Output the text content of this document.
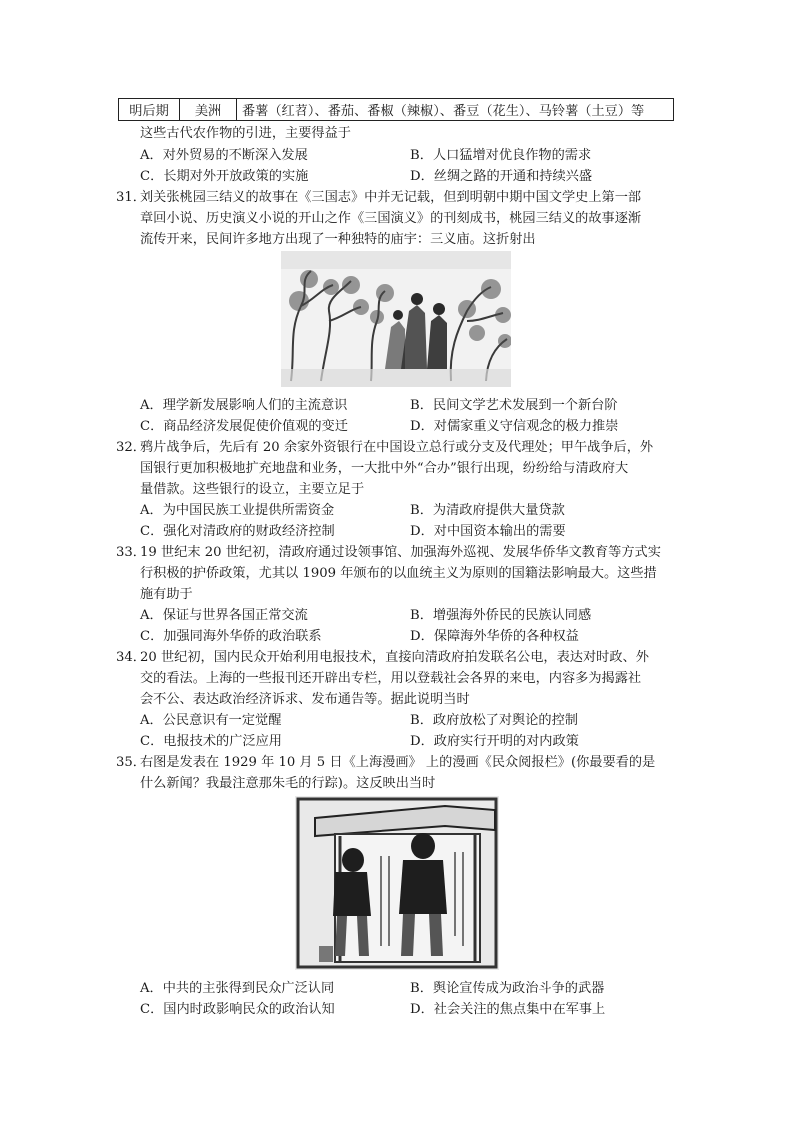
明后期	美洲	番薯（红苕）、番茄、番椒（辣椒）、番豆（花生）、马铃薯（土豆）等
这些古代农作物的引进，主要得益于
A．对外贸易的不断深入发展	B．人口猛增对优良作物的需求
C．长期对外开放政策的实施	D．丝绸之路的开通和持续兴盛
31．
刘关张桃园三结义的故事在《三国志》中并无记载，但到明朝中期中国文学史上第一部
章回小说、历史演义小说的开山之作《三国演义》的刊刻成书，桃园三结义的故事逐渐
流传开来，民间许多地方出现了一种独特的庙宇：三义庙。这折射出
A．理学新发展影响人们的主流意识	B．民间文学艺术发展到一个新台阶
C．商品经济发展促使价值观的变迁	D．对儒家重义守信观念的极力推崇
32．
鸦片战争后，先后有 20 余家外资银行在中国设立总行或分支及代理处；甲午战争后，外
国银行更加积极地扩充地盘和业务，一大批中外“合办”银行出现，纷纷给与清政府大
量借款。这些银行的设立，主要立足于
A．为中国民族工业提供所需资金	B．为清政府提供大量贷款
C．强化对清政府的财政经济控制	D．对中国资本输出的需要
33．
19 世纪末 20 世纪初，清政府通过设领事馆、加强海外巡视、发展华侨华文教育等方式实
行积极的护侨政策，尤其以 1909 年颁布的以血统主义为原则的国籍法影响最大。这些措
施有助于
A．保证与世界各国正常交流	B．增强海外侨民的民族认同感
C．加强同海外华侨的政治联系	D．保障海外华侨的各种权益
34．
20 世纪初，国内民众开始利用电报技术，直接向清政府拍发联名公电，表达对时政、外
交的看法。上海的一些报刊还开辟出专栏，用以登载社会各界的来电，内容多为揭露社
会不公、表达政治经济诉求、发布通告等。据此说明当时
A．公民意识有一定觉醒	B．政府放松了对舆论的控制
C．电报技术的广泛应用	D．政府实行开明的对内政策
35．
右图是发表在 1929 年 10 月 5 日《上海漫画》 上的漫画《民众阅报栏》(你最要看的是
什么新闻？我最注意那朱毛的行踪)。这反映出当时
A．中共的主张得到民众广泛认同	B．舆论宣传成为政治斗争的武器
C．国内时政影响民众的政治认知	D．社会关注的焦点集中在军事上
